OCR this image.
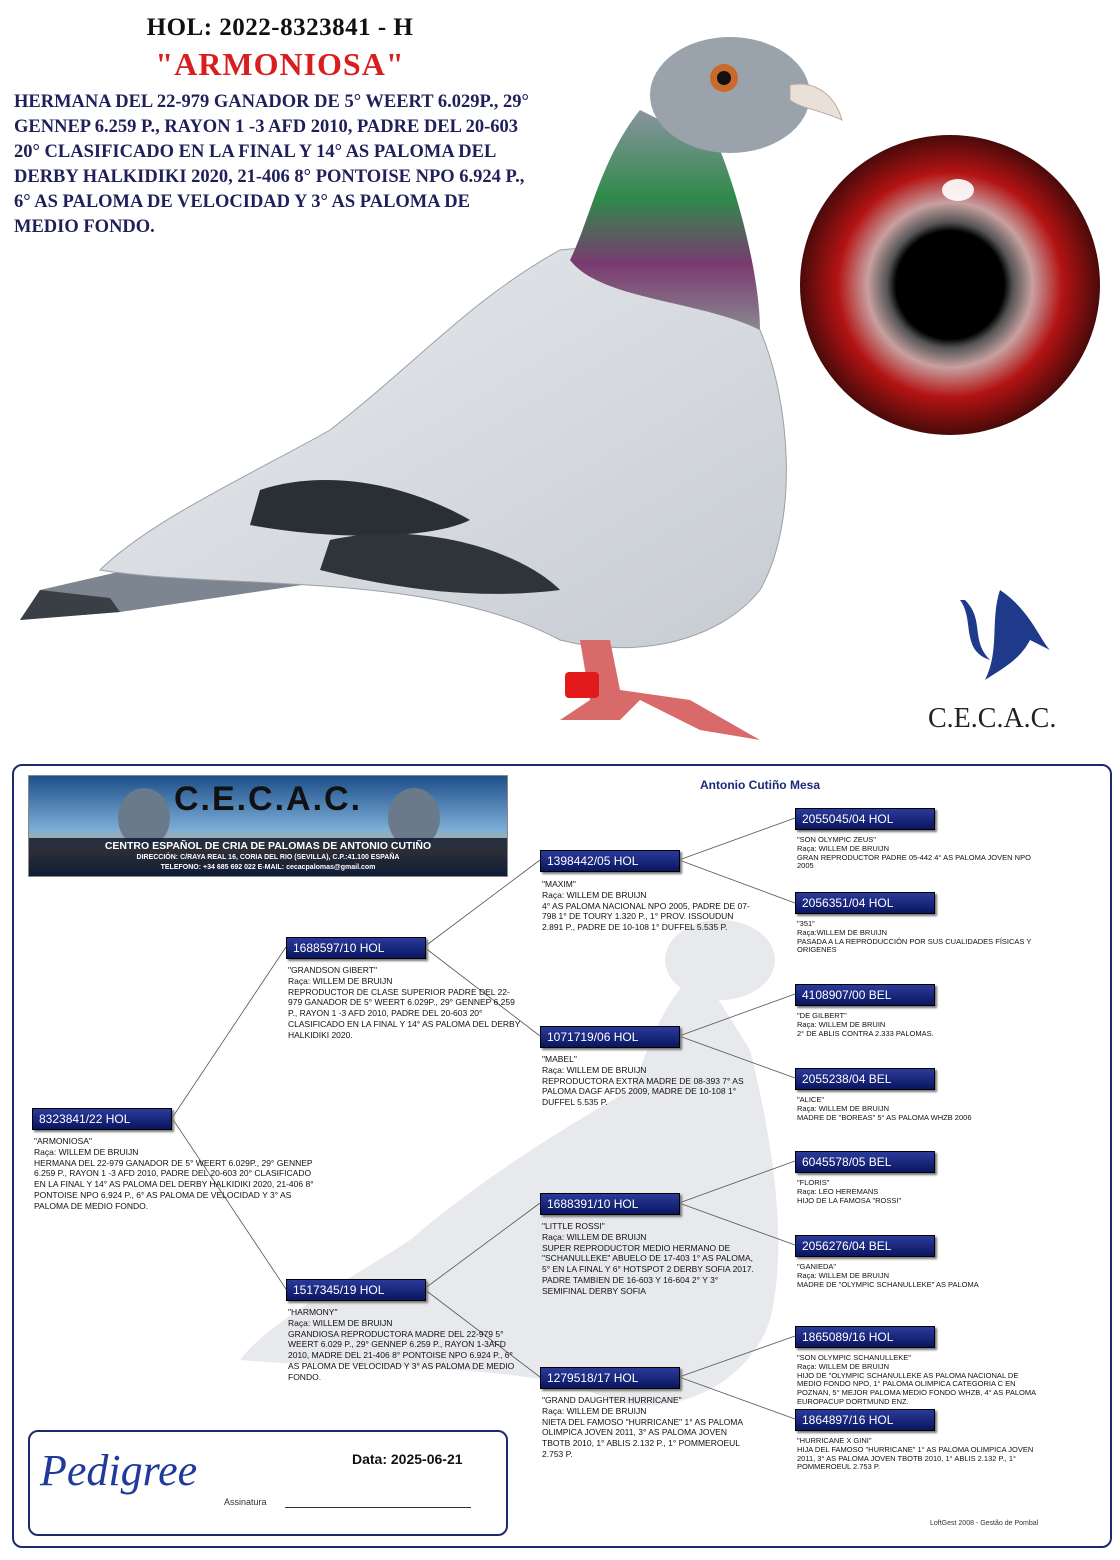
HOL: 2022-8323841 - H
"ARMONIOSA"
HERMANA DEL 22-979 GANADOR DE 5° WEERT 6.029P., 29° GENNEP 6.259 P., RAYON 1 -3 AFD 2010, PADRE DEL 20-603 20° CLASIFICADO EN LA FINAL Y 14° AS PALOMA DEL DERBY HALKIDIKI 2020, 21-406 8° PONTOISE NPO 6.924 P., 6° AS PALOMA DE VELOCIDAD Y 3° AS PALOMA DE MEDIO FONDO.
C.E.C.A.C.
C.E.C.A.C.
CENTRO ESPAÑOL DE CRIA DE PALOMAS DE ANTONIO CUTIÑO
DIRECCIÓN: C/RAYA REAL 16, CORIA DEL RIO (SEVILLA), C.P.:41.100 ESPAÑA
TELEFONO: +34 685 692 022 E-MAIL: cecacpalomas@gmail.com
Antonio Cutiño Mesa
8323841/22 HOL
"ARMONIOSA"
Raça: WILLEM DE BRUIJN
HERMANA DEL 22-979 GANADOR DE 5° WEERT 6.029P., 29° GENNEP 6.259 P., RAYON 1 -3 AFD 2010, PADRE DEL 20-603 20° CLASIFICADO EN LA FINAL Y 14° AS PALOMA DEL DERBY HALKIDIKI 2020, 21-406 8° PONTOISE NPO 6.924 P., 6° AS PALOMA DE VELOCIDAD Y 3° AS PALOMA DE MEDIO FONDO.
1688597/10 HOL
"GRANDSON GIBERT"
Raça: WILLEM DE BRUIJN
REPRODUCTOR DE CLASE SUPERIOR PADRE DEL 22-979 GANADOR DE 5° WEERT 6.029P., 29° GENNEP 6.259 P., RAYON 1 -3 AFD 2010, PADRE DEL 20-603 20° CLASIFICADO EN LA FINAL Y 14° AS PALOMA DEL DERBY HALKIDIKI 2020.
1517345/19 HOL
"HARMONY"
Raça: WILLEM DE BRUIJN
GRANDIOSA REPRODUCTORA MADRE DEL 22-979 5° WEERT 6.029 P., 29° GENNEP 6.259 P., RAYON 1-3AFD 2010, MADRE DEL 21-406 8° PONTOISE NPO 6.924 P., 6° AS PALOMA DE VELOCIDAD Y 3° AS PALOMA DE MEDIO FONDO.
1398442/05 HOL
"MAXIM"
Raça: WILLEM DE BRUIJN
4° AS PALOMA NACIONAL NPO 2005, PADRE DE 07-798 1° DE TOURY 1.320 P., 1° PROV. ISSOUDUN 2.891 P., PADRE DE 10-108 1° DUFFEL 5.535 P.
1071719/06 HOL
"MABEL"
Raça: WILLEM DE BRUIJN
REPRODUCTORA EXTRA MADRE DE 08-393 7° AS PALOMA DAGF AFD5 2009, MADRE DE 10-108 1° DUFFEL 5.535 P.
1688391/10 HOL
"LITTLE ROSSI"
Raça: WILLEM DE BRUIJN
SUPER REPRODUCTOR MEDIO HERMANO DE "SCHANULLEKE" ABUELO DE 17-403 1° AS PALOMA, 5° EN LA FINAL Y 6° HOTSPOT 2 DERBY SOFIA 2017. PADRE TAMBIEN DE 16-603 Y 16-604 2° Y 3° SEMIFINAL DERBY SOFIA
1279518/17 HOL
"GRAND DAUGHTER HURRICANE"
Raça: WILLEM DE BRUIJN
NIETA DEL FAMOSO "HURRICANE" 1° AS PALOMA OLIMPICA JOVEN 2011, 3° AS PALOMA JOVEN TBOTB 2010, 1° ABLIS 2.132 P., 1° POMMEROEUL 2.753 P.
2055045/04 HOL
"SON OLYMPIC ZEUS"
Raça: WILLEM DE BRUIJN
GRAN REPRODUCTOR PADRE 05-442 4° AS PALOMA JOVEN NPO 2005
2056351/04 HOL
"351"
Raça:WILLEM DE BRUIJN
PASADA A LA REPRODUCCIÓN POR SUS CUALIDADES FÍSICAS Y ORIGENES
4108907/00 BEL
"DE GILBERT"
Raça: WILLEM DE BRUIN
2° DE ABLIS CONTRA 2.333 PALOMAS.
2055238/04 BEL
"ALICE"
Raça: WILLEM DE BRUIJN
MADRE DE "BOREAS" 5° AS PALOMA WHZB 2006
6045578/05 BEL
"FLORIS"
Raça: LEO HEREMANS
HIJO DE LA FAMOSA "ROSSI"
2056276/04 BEL
"GANIEDA"
Raça: WILLEM DE BRUIJN
MADRE DE "OLYMPIC SCHANULLEKE" AS PALOMA
1865089/16 HOL
"SON OLYMPIC SCHANULLEKE"
Raça: WILLEM DE BRUIJN
HIJO DE "OLYMPIC SCHANULLEKE AS PALOMA NACIONAL DE MEDIO FONDO NPO, 1° PALOMA OLIMPICA CATEGORIA C EN POZNAN, 5° MEJOR PALOMA MEDIO FONDO WHZB, 4° AS PALOMA EUROPACUP DORTMUND ENZ.
1864897/16 HOL
"HURRICANE X GINI"
HIJA DEL FAMOSO "HURRICANE" 1° AS PALOMA OLIMPICA JOVEN 2011, 3° AS PALOMA JOVEN TBOTB 2010, 1° ABLIS 2.132 P., 1° POMMEROEUL 2.753 P.
Pedigree	Data: 2025-06-21
Assinatura
LoftGest 2008 - Gestão de Pombal
